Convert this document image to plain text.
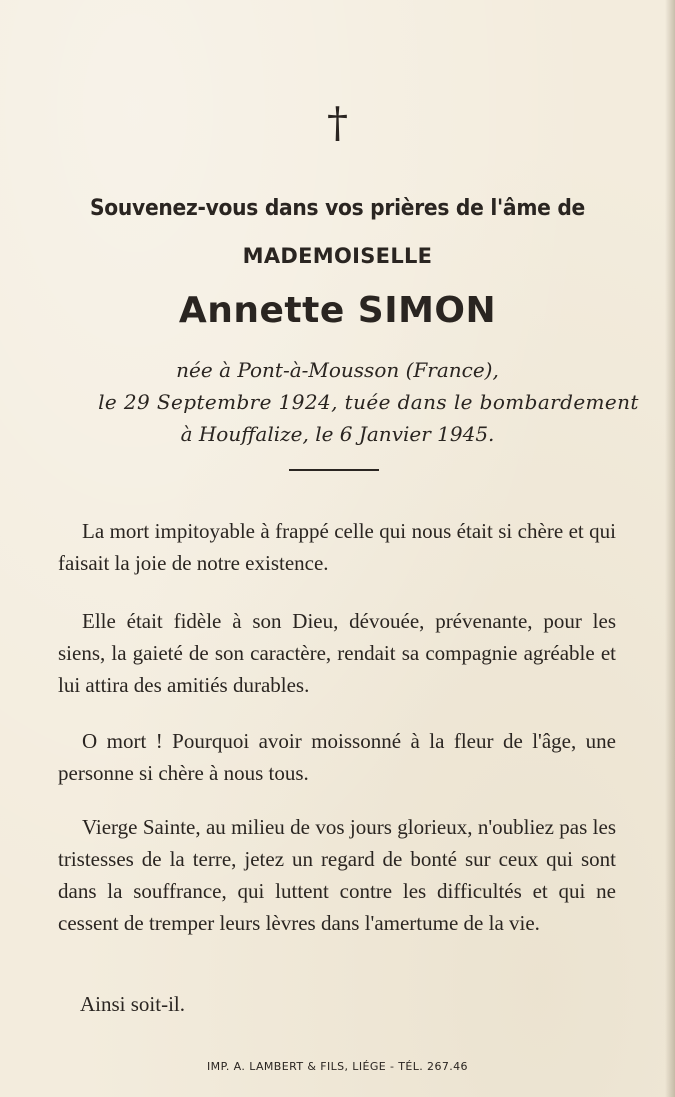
†
Souvenez-vous dans vos prières de l'âme de
MADEMOISELLE
Annette SIMON
née à Pont-à-Mousson (France),
le 29 Septembre 1924, tuée dans le bombardement
à Houffalize, le 6 Janvier 1945.

La mort impitoyable à frappé celle qui nous était si chère et qui faisait la joie de notre existence.

Elle était fidèle à son Dieu, dévouée, prévenante, pour les siens, la gaieté de son caractère, rendait sa compagnie agréable et lui attira des amitiés durables.

O mort ! Pourquoi avoir moissonné à la fleur de l'âge, une personne si chère à nous tous.

Vierge Sainte, au milieu de vos jours glorieux, n'oubliez pas les tristesses de la terre, jetez un regard de bonté sur ceux qui sont dans la souffrance, qui luttent contre les difficultés et qui ne cessent de tremper leurs lèvres dans l'amertume de la vie.

Ainsi soit-il.
IMP. A. LAMBERT & FILS, LIÉGE - TÉL. 267.46
